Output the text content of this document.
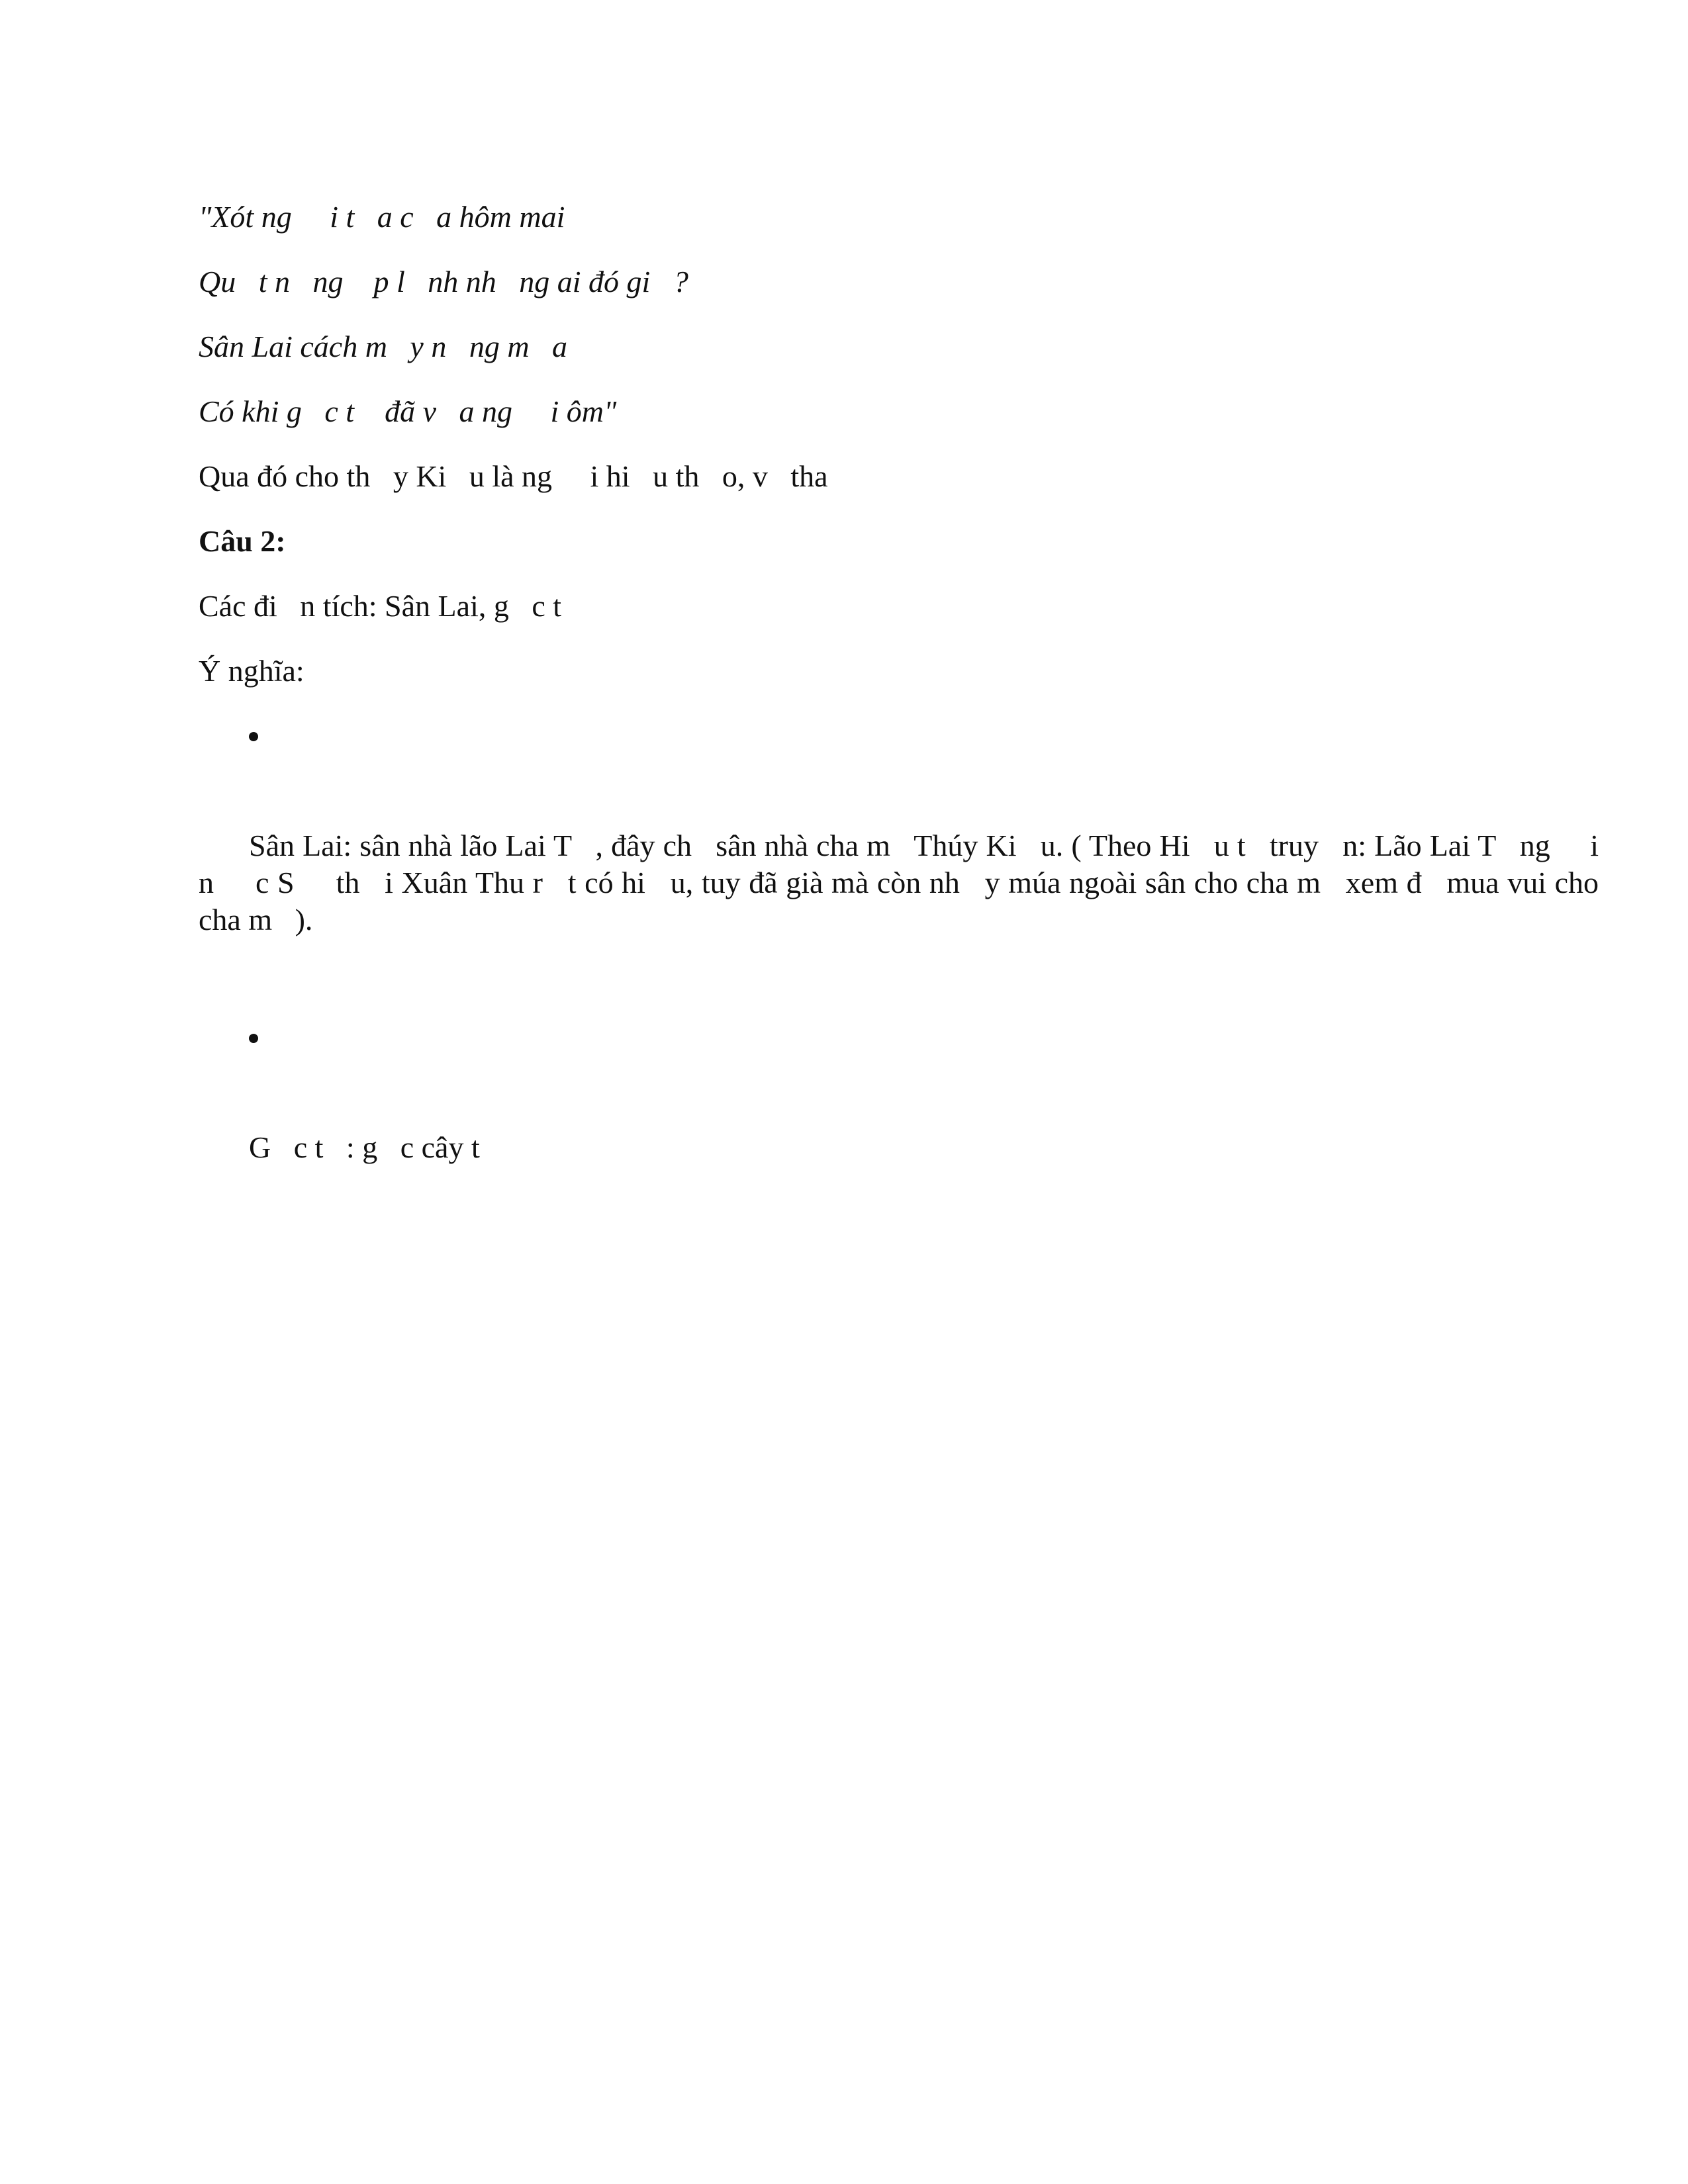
"Xót ng     i t   a c   a hôm mai
Qu   t n   ng    p l   nh nh   ng ai đó gi   ?
Sân Lai cách m   y n   ng m   a
Có khi g   c t    đã v   a ng     i ôm"
Qua đó cho th   y Ki   u là ng     i hi   u th   o, v   tha
Câu 2:
Các đi   n tích: Sân Lai, g   c t
Ý nghĩa:

Sân Lai: sân nhà lão Lai T   , đây ch   sân nhà cha m   Thúy Ki   u. ( Theo Hi   u t   truy   n: Lão Lai T   ng     i n     c S     th   i Xuân Thu r   t có hi   u, tuy đã già mà còn nh   y múa ngoài sân cho cha m   xem đ   mua vui cho cha m   ).

G   c t   : g   c cây t
